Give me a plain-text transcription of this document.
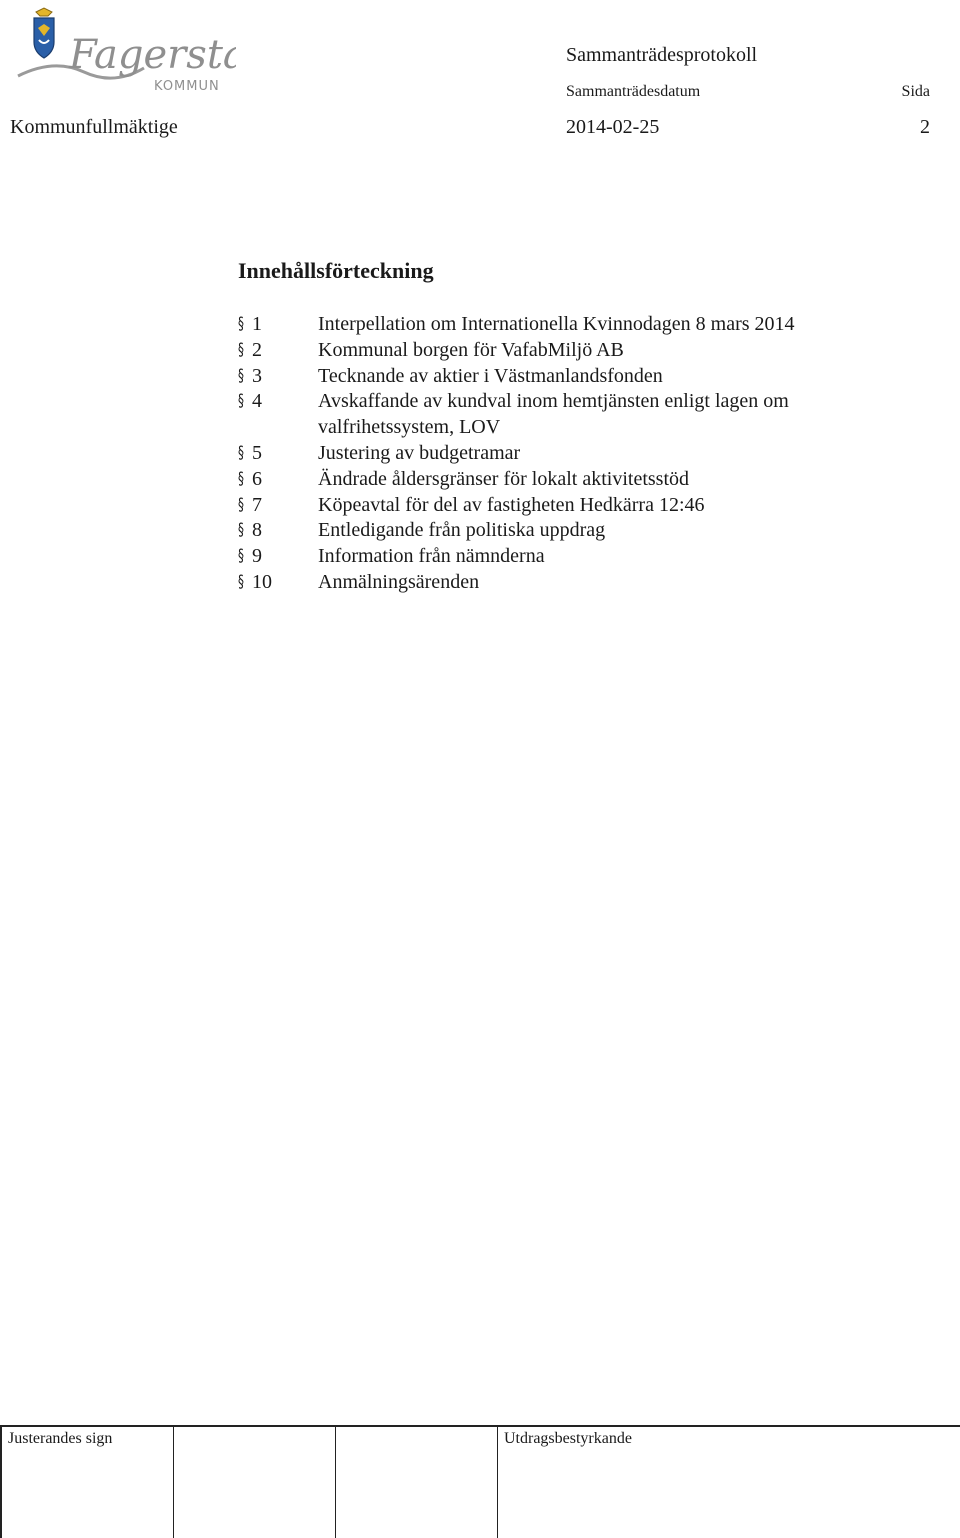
Fagersta
KOMMUN
Sammanträdesprotokoll
Sammanträdesdatum	Sida
Kommunfullmäktige	2014-02-25	2
Innehållsförteckning
§ 1	Interpellation om Internationella Kvinnodagen 8 mars 2014
§ 2	Kommunal borgen för VafabMiljö AB
§ 3	Tecknande av aktier i Västmanlandsfonden
§ 4	Avskaffande av kundval inom hemtjänsten enligt lagen om valfrihetssystem, LOV
§ 5	Justering av budgetramar
§ 6	Ändrade åldersgränser för lokalt aktivitetsstöd
§ 7	Köpeavtal för del av fastigheten Hedkärra 12:46
§ 8	Entledigande från politiska uppdrag
§ 9	Information från nämnderna
§ 10	Anmälningsärenden
Justerandes sign	Utdragsbestyrkande
